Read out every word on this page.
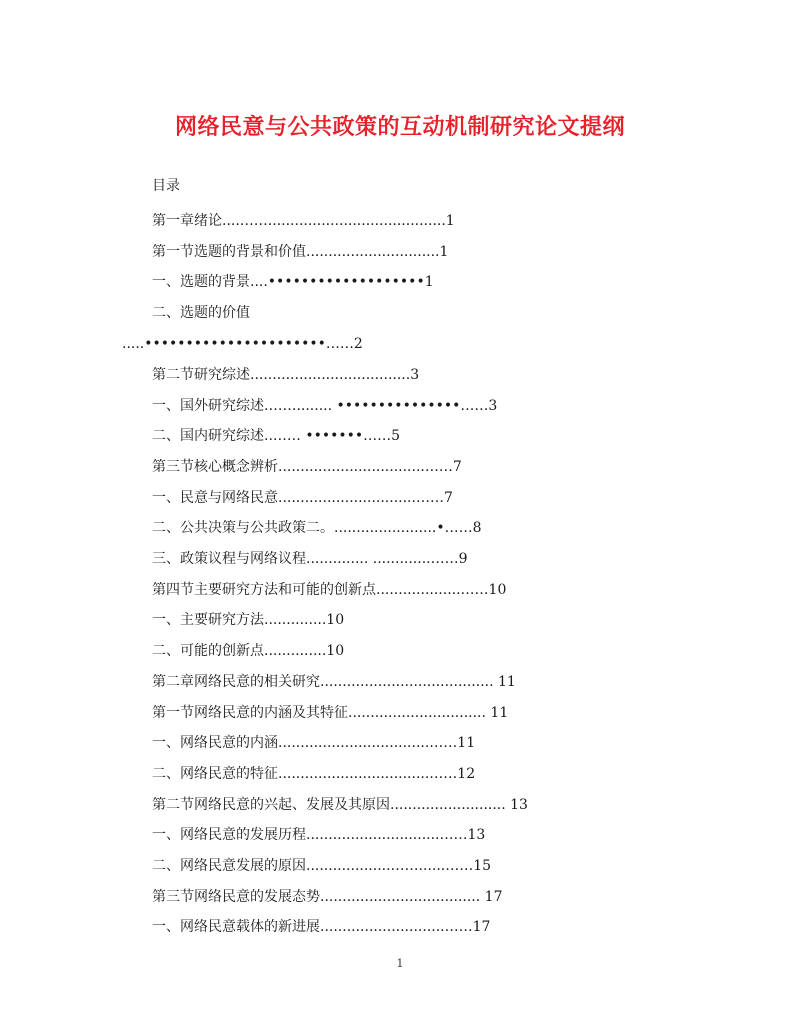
网络民意与公共政策的互动机制研究论文提纲
目录
第一章绪论....……........................................1
第一节选题的背景和价值..............................1
一、选题的背景....•••••••••••••••••••1
二、选题的价值
.....••••••••••••••••••••••……2
第二节研究综述....................................3
一、国外研究综述.……........ •••••••••••••••……3
二、国内研究综述..…… •••••••……5
第三节核心概念辨析.................................……7
一、民意与网络民意...............................……7
二、公共决策与公共政策二。.......................•……8
三、政策议程与网络议程.............. .............……9
第四节主要研究方法和可能的创新点...................……10
一、主要研究方法..............10
二、可能的创新点..............10
第二章网络民意的相关研究....................................... 11
第一节网络民意的内涵及其特征............................... 11
一、网络民意的内涵..................................……11
二、网络民意的特征..................................……12
第二节网络民意的兴起、发展及其原因.......................... 13
一、网络民意的发展历程..............................……13
二、网络民意发展的原因...................……......……15
第三节网络民意的发展态势.................................... 17
一、网络民意载体的新进展............................……17
1
